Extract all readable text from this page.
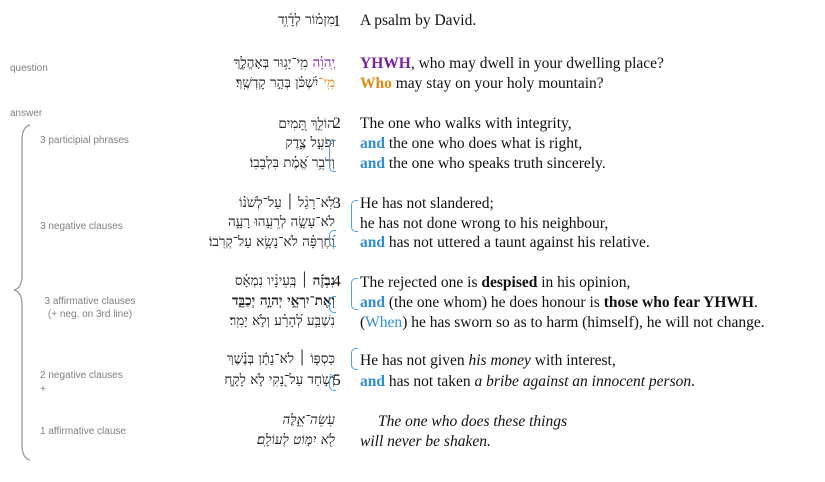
question
answer
3 participial phrases
3 negative clauses
3 affirmative clauses
(+ neg. on 3rd line)
2 negative clauses
+
1 affirmative clause
מִזְמ֗וֹר לְדָ֫וִ֥ד
יְֽהוָ֗ה מִֽי־יָג֥וּר בְּאָהֳלֶ֑ךָ
מִֽי־יִ֝שְׁכֹּ֗ן בְּהַ֣ר קָדְשֶֽׁךָ׃
הוֹלֵ֣ךְ תָּ֭מִים
וּפֹעֵ֣ל צֶ֑דֶק
וְדֹבֵ֥ר אֱ֝מֶ֗ת בִּלְבָבֽוֹ׃
לֹֽא־רָגַ֨ל ׀ עַל־לְשֹׁנ֗וֹ
לֹא־עָשָׂ֣ה לְרֵעֵ֣הוּ רָעָ֑ה
וְ֝חֶרְפָּ֗ה לֹא־נָשָׂ֥א עַל־קְרֹֽבוֹ׃
נִבְזֶ֬ה ׀ בְּֽעֵינָ֨יו נִמְאָ֗ס
וְאֶת־יִרְאֵ֣י יְהוָ֣ה יְכַבֵּ֑ד
נִשְׁבַּ֥ע לְ֝הָרַ֗ע וְלֹ֣א יָמִֽר׃
כַּסְפּ֤וֹ ׀ לֹא־נָתַ֬ן בְּנֶ֗שֶׁךְ
וְשֹׁ֣חַד עַל־נָ֭קִי לֹ֣א לָקָ֑ח
עֹֽשֵׂה־אֵ֑לֶּה
לֹ֖א יִמּ֣וֹט לְעוֹלָֽם׃
1
2
3
4
5
A psalm by David.
YHWH, who may dwell in your dwelling place?
Who may stay on your holy mountain?
The one who walks with integrity,
and the one who does what is right,
and the one who speaks truth sincerely.
He has not slandered;
he has not done wrong to his neighbour,
and has not uttered a taunt against his relative.
The rejected one is despised in his opinion,
and (the one whom) he does honour is those who fear YHWH.
(When) he has sworn so as to harm (himself), he will not change.
He has not given his money with interest,
and has not taken a bribe against an innocent person.
The one who does these things
will never be shaken.
